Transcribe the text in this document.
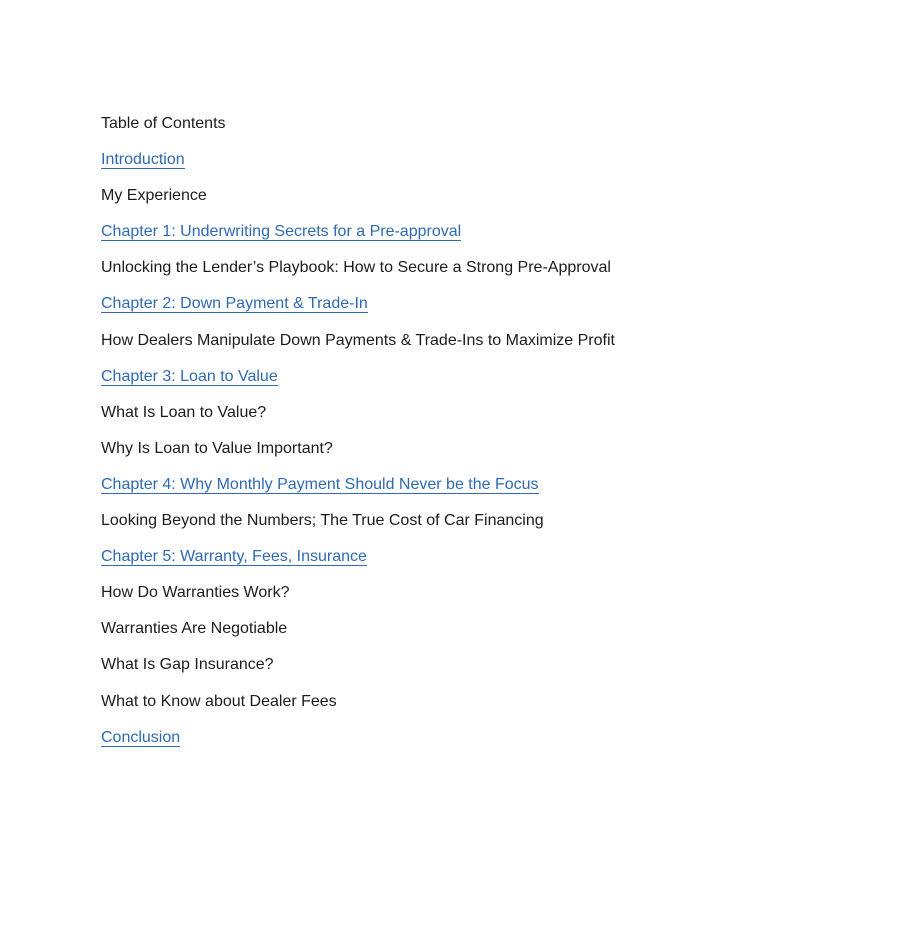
Table of Contents
Introduction
My Experience
Chapter 1: Underwriting Secrets for a Pre-approval
Unlocking the Lender’s Playbook: How to Secure a Strong Pre-Approval
Chapter 2: Down Payment & Trade-In
How Dealers Manipulate Down Payments & Trade-Ins to Maximize Profit
Chapter 3: Loan to Value
What Is Loan to Value?
Why Is Loan to Value Important?
Chapter 4: Why Monthly Payment Should Never be the Focus
Looking Beyond the Numbers; The True Cost of Car Financing
Chapter 5: Warranty, Fees, Insurance
How Do Warranties Work?
Warranties Are Negotiable
What Is Gap Insurance?
What to Know about Dealer Fees
Conclusion
